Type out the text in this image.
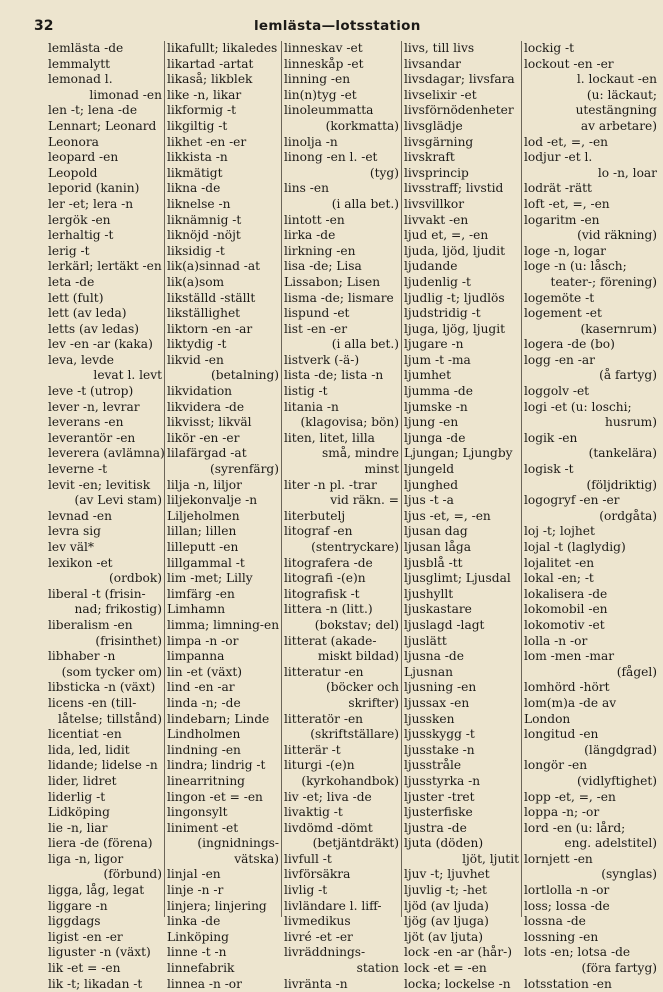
32	lemlästa—lotsstation
lemlästa -de
lemmalytt
lemonad l.
limonad -en
len -t; lena -de
Lennart; Leonard
Leonora
leopard -en
Leopold
leporid (kanin)
ler -et; lera -n
lergök -en
lerhaltig -t
lerig -t
lerkärl; lertäkt -en
leta -de
lett (fult)
lett (av leda)
letts (av ledas)
lev -en -ar (kaka)
leva, levde
levat l. levt
leve -t (utrop)
lever -n, levrar
leverans -en
leverantör -en
leverera (avlämna)
leverne -t
levit -en; levitisk
(av Levi stam)
levnad -en
levra sig
lev väl*
lexikon -et
(ordbok)
liberal -t (frisin-
nad; frikostig)
liberalism -en
(frisinthet)
libhaber -n
(som tycker om)
libsticka -n (växt)
licens -en (till-
låtelse; tillstånd)
licentiat -en
lida, led, lidit
lidande; lidelse -n
lider, lidret
liderlig -t
Lidköping
lie -n, liar
liera -de (förena)
liga -n, ligor
(förbund)
ligga, låg, legat
liggare -n
liggdags
ligist -en -er
liguster -n (växt)
lik -et = -en
lik -t; likadan -t
likafullt; likaledes
likartad -artat
likaså; likblek
like -n, likar
likformig -t
likgiltig -t
likhet -en -er
likkista -n
likmätigt
likna -de
liknelse -n
liknämnig -t
liknöjd -nöjt
liksidig -t
lik(a)sinnad -at
lik(a)som
likställd -ställt
likställighet
liktorn -en -ar
liktydig -t
likvid -en
(betalning)
likvidation
likvidera -de
likvisst; likväl
likör -en -er
lilafärgad -at
(syrenfärg)
lilja -n, liljor
liljekonvalje -n
Liljeholmen
lillan; lillen
lilleputt -en
lillgammal -t
lim -met; Lilly
limfärg -en
Limhamn
limma; limning-en
limpa -n -or
limpanna
lin -et (växt)
lind -en -ar
linda -n; -de
lindebarn; Linde
Lindholmen
lindning -en
lindra; lindrig -t
linearritning
lingon -et = -en
lingonsylt
liniment -et
(ingnidnings-
vätska)
linjal -en
linje -n -r
linjera; linjering
linka -de
Linköping
linne -t -n
linnefabrik
linnea -n -or
linneskav -et
linneskåp -et
linning -en
lin(n)tyg -et
linoleummatta
(korkmatta)
linolja -n
linong -en l. -et
(tyg)
lins -en
(i alla bet.)
lintott -en
lirka -de
lirkning -en
lisa -de; Lisa
Lissabon; Lisen
lisma -de; lismare
lispund -et
list -en -er
(i alla bet.)
listverk (-ä-)
lista -de; lista -n
listig -t
litania -n
(klagovisa; bön)
liten, litet, lilla
små, mindre
minst
liter -n pl. -trar
vid räkn. =
literbutelj
litograf -en
(stentryckare)
litografera -de
litografi -(e)n
litografisk -t
littera -n (litt.)
(bokstav; del)
litterat (akade-
miskt bildad)
litteratur -en
(böcker och
skrifter)
litteratör -en
(skriftställare)
litterär -t
liturgi -(e)n
(kyrkohandbok)
liv -et; liva -de
livaktig -t
livdömd -dömt
(betjäntdräkt)
livfull -t
livförsäkra
livlig -t
livländare l. liff-
livmedikus
livré -et -er
livräddnings-
station
livränta -n
livs, till livs
livsandar
livsdagar; livsfara
livselixir -et
livsförnödenheter
livsglädje
livsgärning
livskraft
livsprincip
livsstraff; livstid
livsvillkor
livvakt -en
ljud et, =, -en
ljuda, ljöd, ljudit
ljudande
ljudenlig -t
ljudlig -t; ljudlös
ljudstridig -t
ljuga, ljög, ljugit
ljugare -n
ljum -t -ma
ljumhet
ljumma -de
ljumske -n
ljung -en
ljunga -de
Ljungan; Ljungby
ljungeld
ljunghed
ljus -t -a
ljus -et, =, -en
ljusan dag
ljusan låga
ljusblå -tt
ljusglimt; Ljusdal
ljushyllt
ljuskastare
ljuslagd -lagt
ljuslätt
ljusna -de
Ljusnan
ljusning -en
ljussax -en
ljussken
ljusskygg -t
ljusstake -n
ljusstråle
ljusstyrka -n
ljuster -tret
ljusterfiske
ljustra -de
ljuta (döden)
ljöt, ljutit
ljuv -t; ljuvhet
ljuvlig -t; -het
ljöd (av ljuda)
ljög (av ljuga)
ljöt (av ljuta)
lock -en -ar (hår-)
lock -et = -en
locka; lockelse -n
lockig -t
lockout -en -er
l. lockaut -en
(u: läckaut;
utestängning
av arbetare)
lod -et, =, -en
lodjur -et l.
lo -n, loar
lodrät -rätt
loft -et, =, -en
logaritm -en
(vid räkning)
loge -n, logar
loge -n (u: låsch;
teater-; förening)
logemöte -t
logement -et
(kasernrum)
logera -de (bo)
logg -en -ar
(å fartyg)
loggolv -et
logi -et (u: loschi;
husrum)
logik -en
(tankelära)
logisk -t
(följdriktig)
logogryf -en -er
(ordgåta)
loj -t; lojhet
lojal -t (laglydig)
lojalitet -en
lokal -en; -t
lokalisera -de
lokomobil -en
lokomotiv -et
lolla -n -or
lom -men -mar
(fågel)
lomhörd -hört
lom(m)a -de av
London
longitud -en
(längdgrad)
longör -en
(vidlyftighet)
lopp -et, =, -en
loppa -n; -or
lord -en (u: lård;
eng. adelstitel)
lornjett -en
(synglas)
lortlolla -n -or
loss; lossa -de
lossna -de
lossning -en
lots -en; lotsa -de
(föra fartyg)
lotsstation -en
